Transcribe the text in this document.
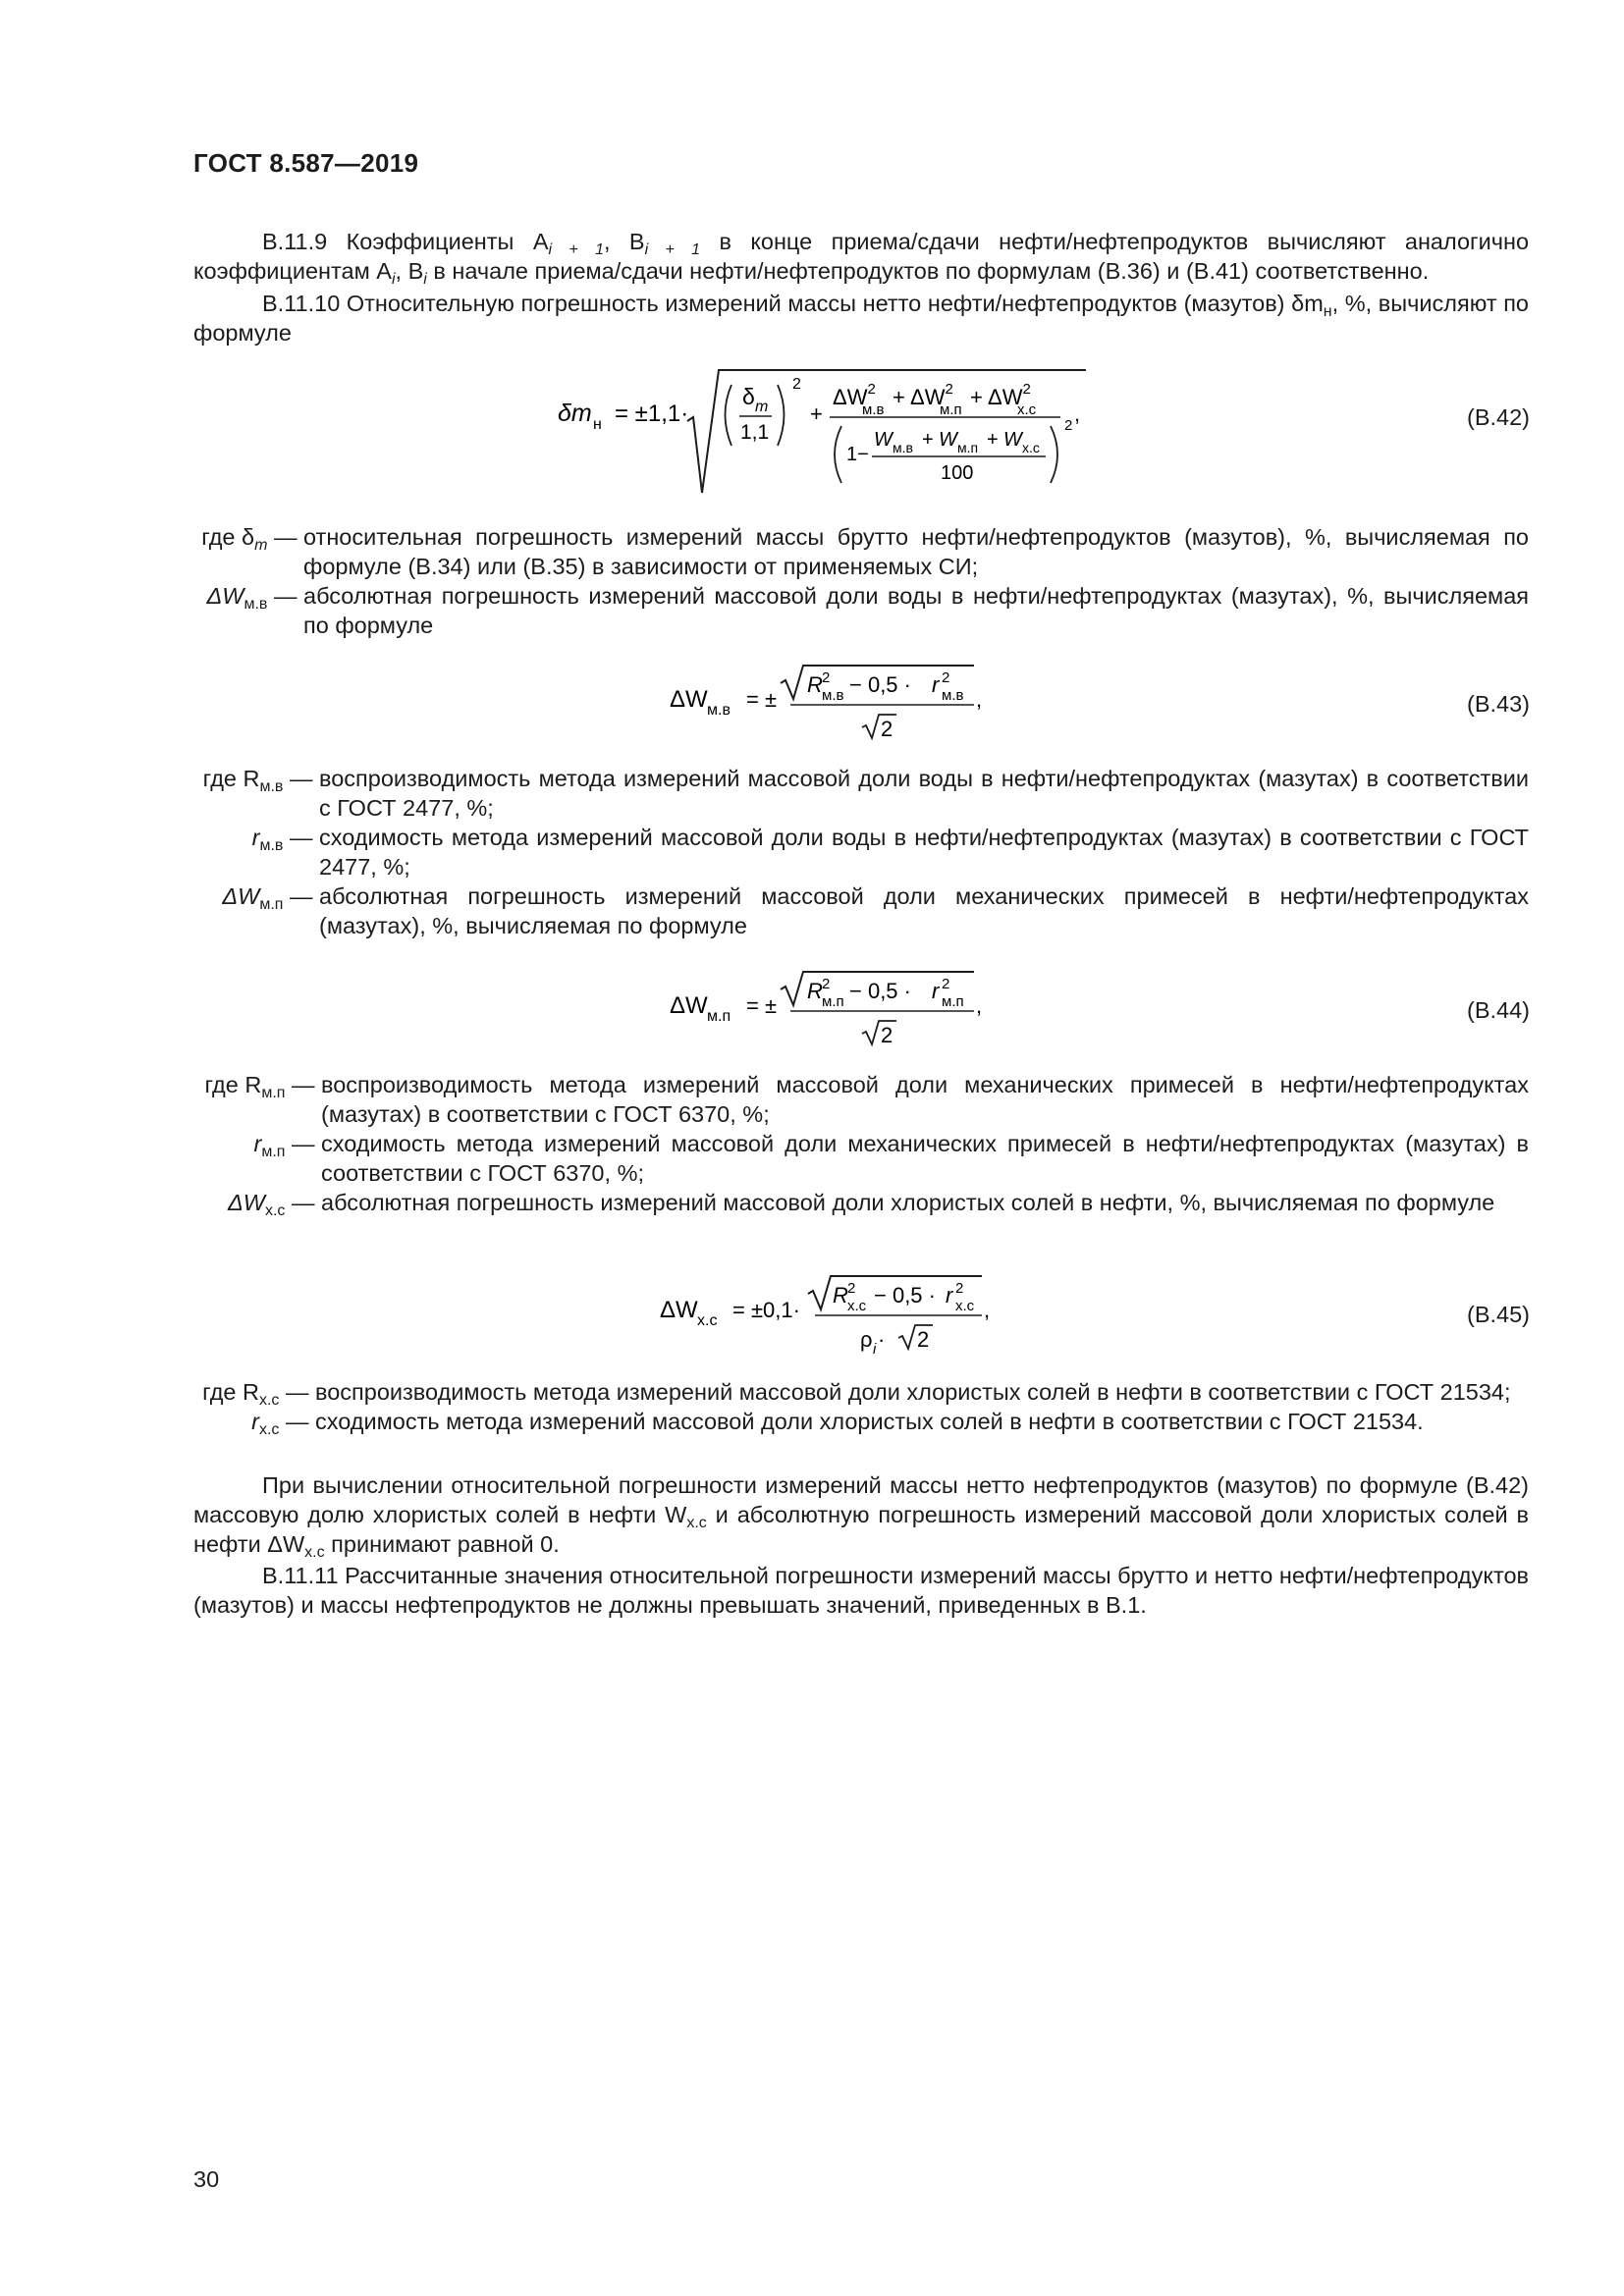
ГОСТ 8.587—2019
В.11.9 Коэффициенты $A_{i + 1}$, $B_{i + 1}$ в конце приема/сдачи нефти/нефтепродуктов вычисляют аналогично коэффициентам $A_i$, $B_i$ в начале приема/сдачи нефти/нефтепродуктов по формулам (В.36) и (В.41) соответственно.
В.11.10 Относительную погрешность измерений массы нетто нефти/нефтепродуктов (мазутов) $\delta m_н$, %, вычисляют по формуле
δm н = ±1,1·
δ m
1,1
2
+
$\Delta W^2$
м.в
+ $\Delta W^2$
м.п
+ $\Delta W^2$
х.с
1−
W м.в + W м.п + W х.с
100
2 ,	(В.42)
где $\delta_m$ — относительная погрешность измерений массы брутто нефти/нефтепродуктов (мазутов), %, вычисляемая по формуле (В.34) или (В.35) в зависимости от применяемых СИ;
$\Delta W_{м.в}$ — абсолютная погрешность измерений массовой доли воды в нефти/нефтепродуктах (мазутах), %, вычисляемая по формуле
ΔW м.в = ±
R 2
м.в − 0,5 · r 2
м.в
2
,	(В.43)
где $R_{м.в}$ — воспроизводимость метода измерений массовой доли воды в нефти/нефтепродуктах (мазутах) в соответствии с ГОСТ 2477, %;
$r_{м.в}$ — сходимость метода измерений массовой доли воды в нефти/нефтепродуктах (мазутах) в соответствии с ГОСТ 2477, %;
$\Delta W_{м.п}$ — абсолютная погрешность измерений массовой доли механических примесей в нефти/нефтепродуктах (мазутах), %, вычисляемая по формуле
ΔW м.п = ±
R 2
м.п − 0,5 · r 2
м.п
2
,	(В.44)
где $R_{м.п}$ — воспроизводимость метода измерений массовой доли механических примесей в нефти/нефтепродуктах (мазутах) в соответствии с ГОСТ 6370, %;
$r_{м.п}$ — сходимость метода измерений массовой доли механических примесей в нефти/нефтепродуктах (мазутах) в соответствии с ГОСТ 6370, %;
$\Delta W_{х.с}$ — абсолютная погрешность измерений массовой доли хлористых солей в нефти, %, вычисляемая по формуле
ΔW х.с = ±0,1·
R 2
х.с − 0,5 · r 2
х.с
ρ i · 2
,	(В.45)
где $R_{х.с}$ — воспроизводимость метода измерений массовой доли хлористых солей в нефти в соответствии с ГОСТ 21534;
$r_{х.с}$ — сходимость метода измерений массовой доли хлористых солей в нефти в соответствии с ГОСТ 21534.
При вычислении относительной погрешности измерений массы нетто нефтепродуктов (мазутов) по формуле (В.42) массовую долю хлористых солей в нефти $W_{х.с}$ и абсолютную погрешность измерений массовой доли хлористых солей в нефти $\Delta W_{х.с}$ принимают равной 0.
В.11.11 Рассчитанные значения относительной погрешности измерений массы брутто и нетто нефти/нефтепродуктов (мазутов) и массы нефтепродуктов не должны превышать значений, приведенных в В.1.
30
